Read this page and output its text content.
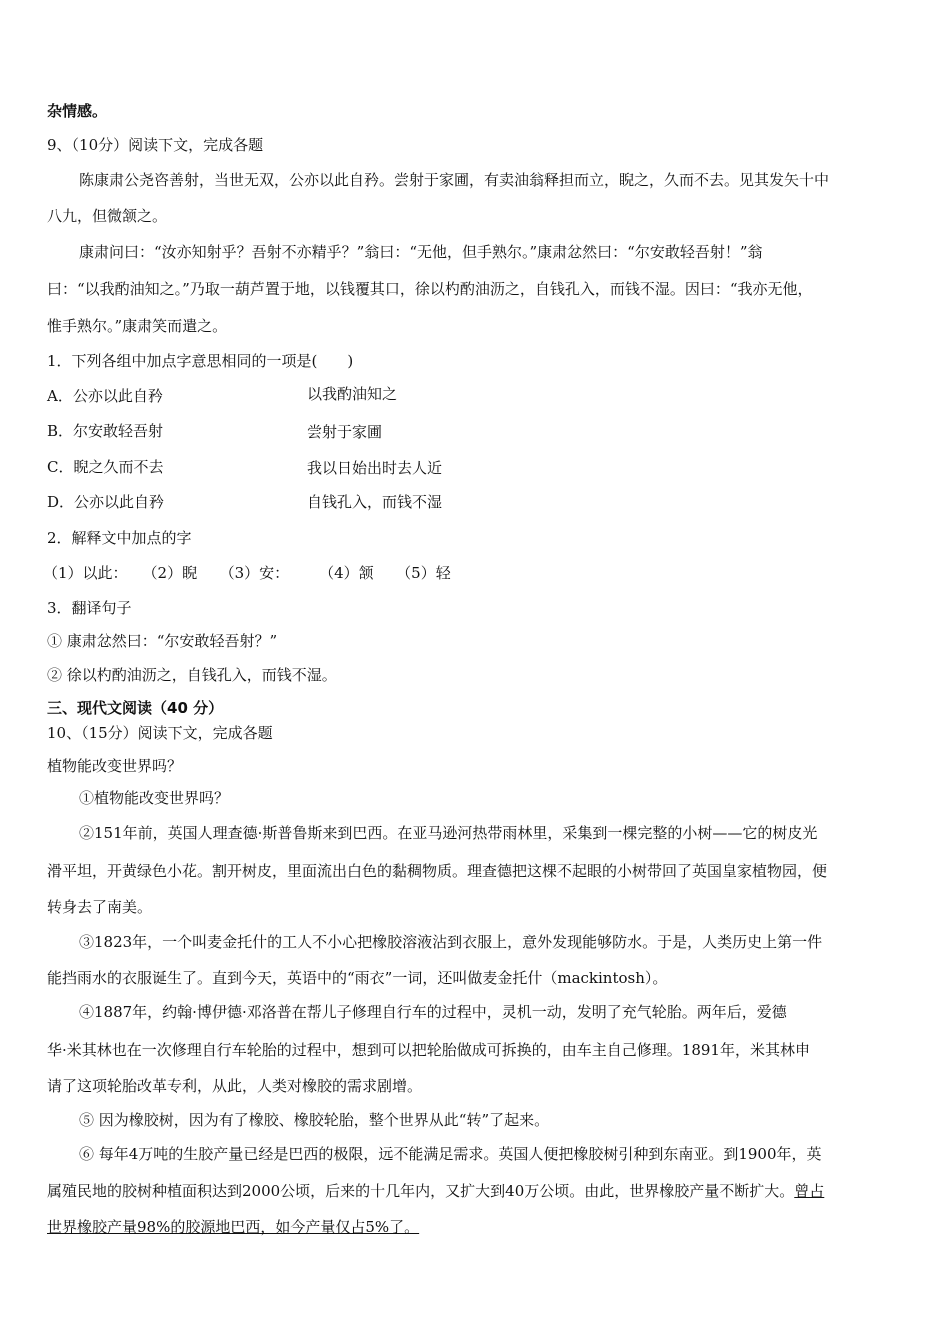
杂情感。
9、（10分）阅读下文，完成各题
陈康肃公尧咨善射，当世无双，公亦以此自矜。尝射于家圃，有卖油翁释担而立，睨之，久而不去。见其发矢十中
八九，但微颔之。
康肃问曰：“汝亦知射乎？吾射不亦精乎？”翁曰：“无他，但手熟尔。”康肃忿然曰：“尔安敢轻吾射！”翁
曰：“以我酌油知之。”乃取一葫芦置于地，以钱覆其口，徐以杓酌油沥之，自钱孔入，而钱不湿。因曰：“我亦无他，
惟手熟尔。”康肃笑而遣之。
1．下列各组中加点字意思相同的一项是(　　)
A．公亦以此自矜	以我酌油知之
B．尔安敢轻吾射	尝射于家圃
C．睨之久而不去	我以日始出时去人近
D．公亦以此自矜	自钱孔入，而钱不湿
2．解释文中加点的字
（1）以此：　　（2）睨　　（3）安：　　　（4）颔　　（5）轻
3．翻译句子
① 康肃忿然曰：“尔安敢轻吾射？”
② 徐以杓酌油沥之，自钱孔入，而钱不湿。
三、现代文阅读（40 分）
10、（15分）阅读下文，完成各题
植物能改变世界吗？
①植物能改变世界吗？
②151年前，英国人理查德·斯普鲁斯来到巴西。在亚马逊河热带雨林里，采集到一棵完整的小树——它的树皮光
滑平坦，开黄绿色小花。割开树皮，里面流出白色的黏稠物质。理查德把这棵不起眼的小树带回了英国皇家植物园，便
转身去了南美。
③1823年，一个叫麦金托什的工人不小心把橡胶溶液沾到衣服上，意外发现能够防水。于是，人类历史上第一件
能挡雨水的衣服诞生了。直到今天，英语中的“雨衣”一词，还叫做麦金托什（mackintosh）。
④1887年，约翰·博伊德·邓洛普在帮儿子修理自行车的过程中，灵机一动，发明了充气轮胎。两年后，爱德
华·米其林也在一次修理自行车轮胎的过程中，想到可以把轮胎做成可拆换的，由车主自己修理。1891年，米其林申
请了这项轮胎改革专利，从此，人类对橡胶的需求剧增。
⑤ 因为橡胶树，因为有了橡胶、橡胶轮胎，整个世界从此“转”了起来。
⑥ 每年4万吨的生胶产量已经是巴西的极限，远不能满足需求。英国人便把橡胶树引种到东南亚。到1900年，英
属殖民地的胶树种植面积达到2000公顷，后来的十几年内，又扩大到40万公顷。由此，世界橡胶产量不断扩大。曾占
世界橡胶产量98%的胶源地巴西，如今产量仅占5%了。
